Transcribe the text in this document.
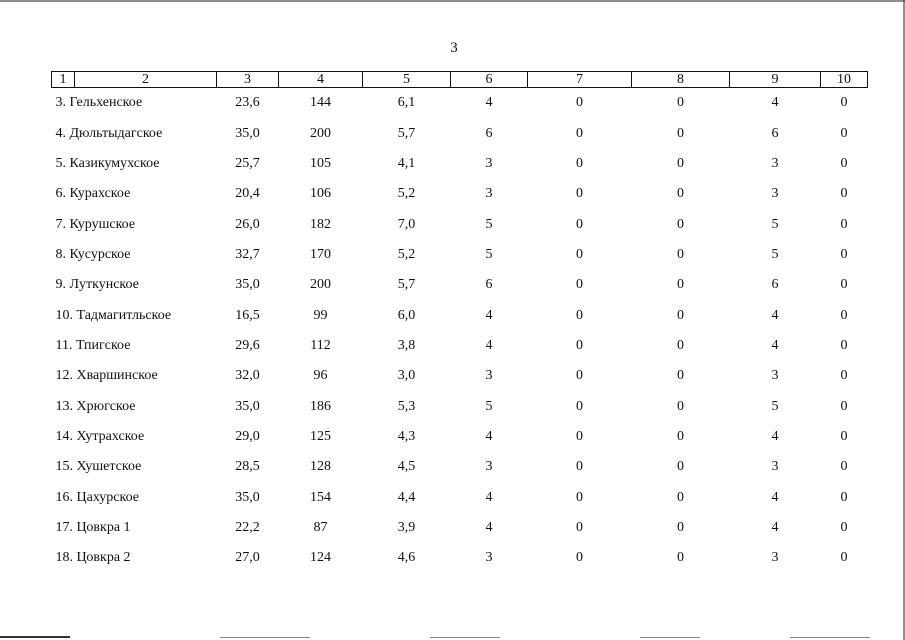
3
1	2	3	4	5	6	7	8	9	10
3. Гельхенское		23,6	144	6,1	4	0	0	4	0
4. Дюльтыдагское		35,0	200	5,7	6	0	0	6	0
5. Казикумухское		25,7	105	4,1	3	0	0	3	0
6. Курахское		20,4	106	5,2	3	0	0	3	0
7. Курушское		26,0	182	7,0	5	0	0	5	0
8. Кусурское		32,7	170	5,2	5	0	0	5	0
9. Лyткунское		35,0	200	5,7	6	0	0	6	0
10. Тадмагитльское		16,5	99	6,0	4	0	0	4	0
11. Тпигское		29,6	112	3,8	4	0	0	4	0
12. Хваршинское		32,0	96	3,0	3	0	0	3	0
13. Хрюгское		35,0	186	5,3	5	0	0	5	0
14. Хутрахское		29,0	125	4,3	4	0	0	4	0
15. Хушетское		28,5	128	4,5	3	0	0	3	0
16. Цахурское		35,0	154	4,4	4	0	0	4	0
17. Цовкра 1		22,2	87	3,9	4	0	0	4	0
18. Цовкра 2		27,0	124	4,6	3	0	0	3	0
